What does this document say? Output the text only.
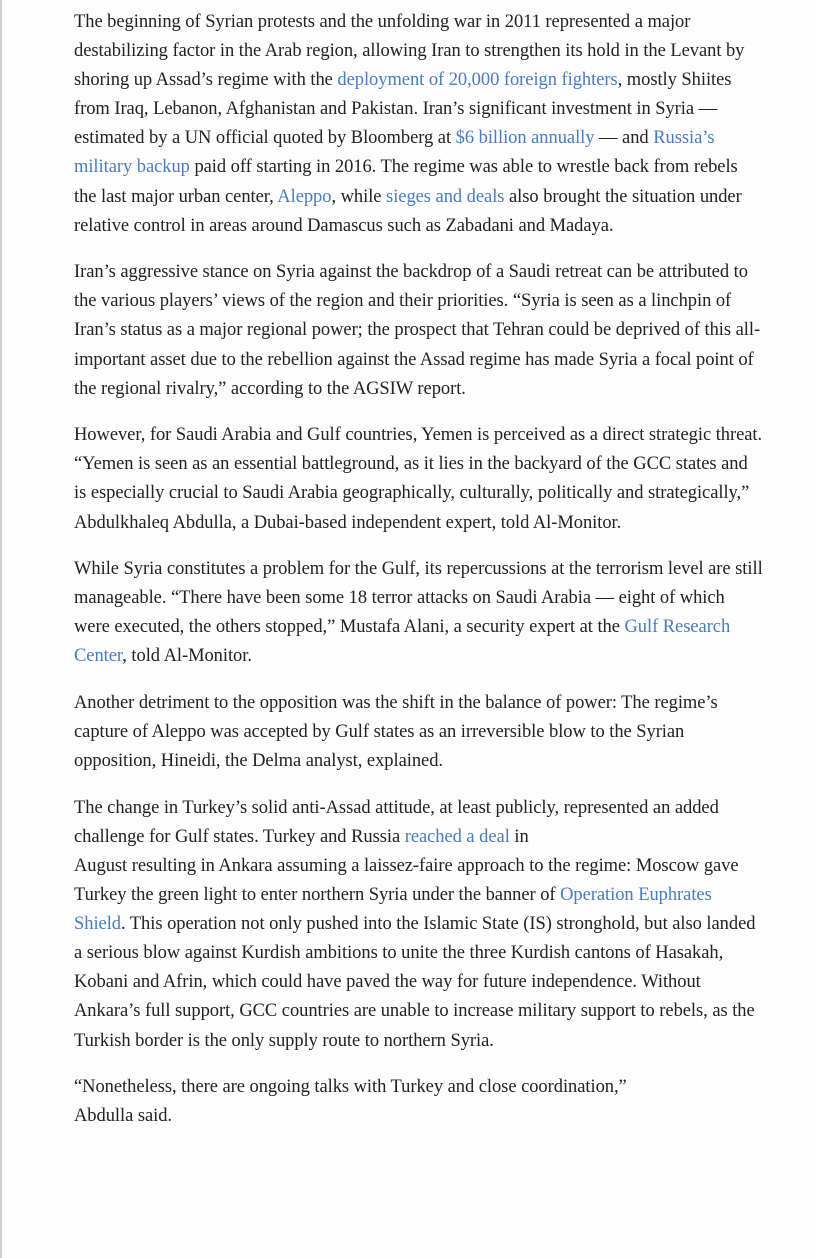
The beginning of Syrian protests and the unfolding war in 2011 represented a major destabilizing factor in the Arab region, allowing Iran to strengthen its hold in the Levant by shoring up Assad’s regime with the deployment of 20,000 foreign fighters, mostly Shiites from Iraq, Lebanon, Afghanistan and Pakistan. Iran’s significant investment in Syria — estimated by a UN official quoted by Bloomberg at $6 billion annually — and Russia’s military backup paid off starting in 2016. The regime was able to wrestle back from rebels the last major urban center, Aleppo, while sieges and deals also brought the situation under relative control in areas around Damascus such as Zabadani and Madaya.

Iran’s aggressive stance on Syria against the backdrop of a Saudi retreat can be attributed to the various players’ views of the region and their priorities. “Syria is seen as a linchpin of Iran’s status as a major regional power; the prospect that Tehran could be deprived of this all-important asset due to the rebellion against the Assad regime has made Syria a focal point of the regional rivalry,” according to the AGSIW report.

However, for Saudi Arabia and Gulf countries, Yemen is perceived as a direct strategic threat. “Yemen is seen as an essential battleground, as it lies in the backyard of the GCC states and is especially crucial to Saudi Arabia geographically, culturally, politically and strategically,” Abdulkhaleq Abdulla, a Dubai-based independent expert, told Al-Monitor.

While Syria constitutes a problem for the Gulf, its repercussions at the terrorism level are still manageable. “There have been some 18 terror attacks on Saudi Arabia — eight of which were executed, the others stopped,” Mustafa Alani, a security expert at the Gulf Research Center, told Al-Monitor.

Another detriment to the opposition was the shift in the balance of power: The regime’s capture of Aleppo was accepted by Gulf states as an irreversible blow to the Syrian opposition, Hineidi, the Delma analyst, explained.

The change in Turkey’s solid anti-Assad attitude, at least publicly, represented an added challenge for Gulf states. Turkey and Russia reached a deal in
August resulting in Ankara assuming a laissez-faire approach to the regime: Moscow gave Turkey the green light to enter northern Syria under the banner of Operation Euphrates Shield. This operation not only pushed into the Islamic State (IS) stronghold, but also landed a serious blow against Kurdish ambitions to unite the three Kurdish cantons of Hasakah, Kobani and Afrin, which could have paved the way for future independence. Without Ankara’s full support, GCC countries are unable to increase military support to rebels, as the Turkish border is the only supply route to northern Syria.

“Nonetheless, there are ongoing talks with Turkey and close coordination,”
Abdulla said.
